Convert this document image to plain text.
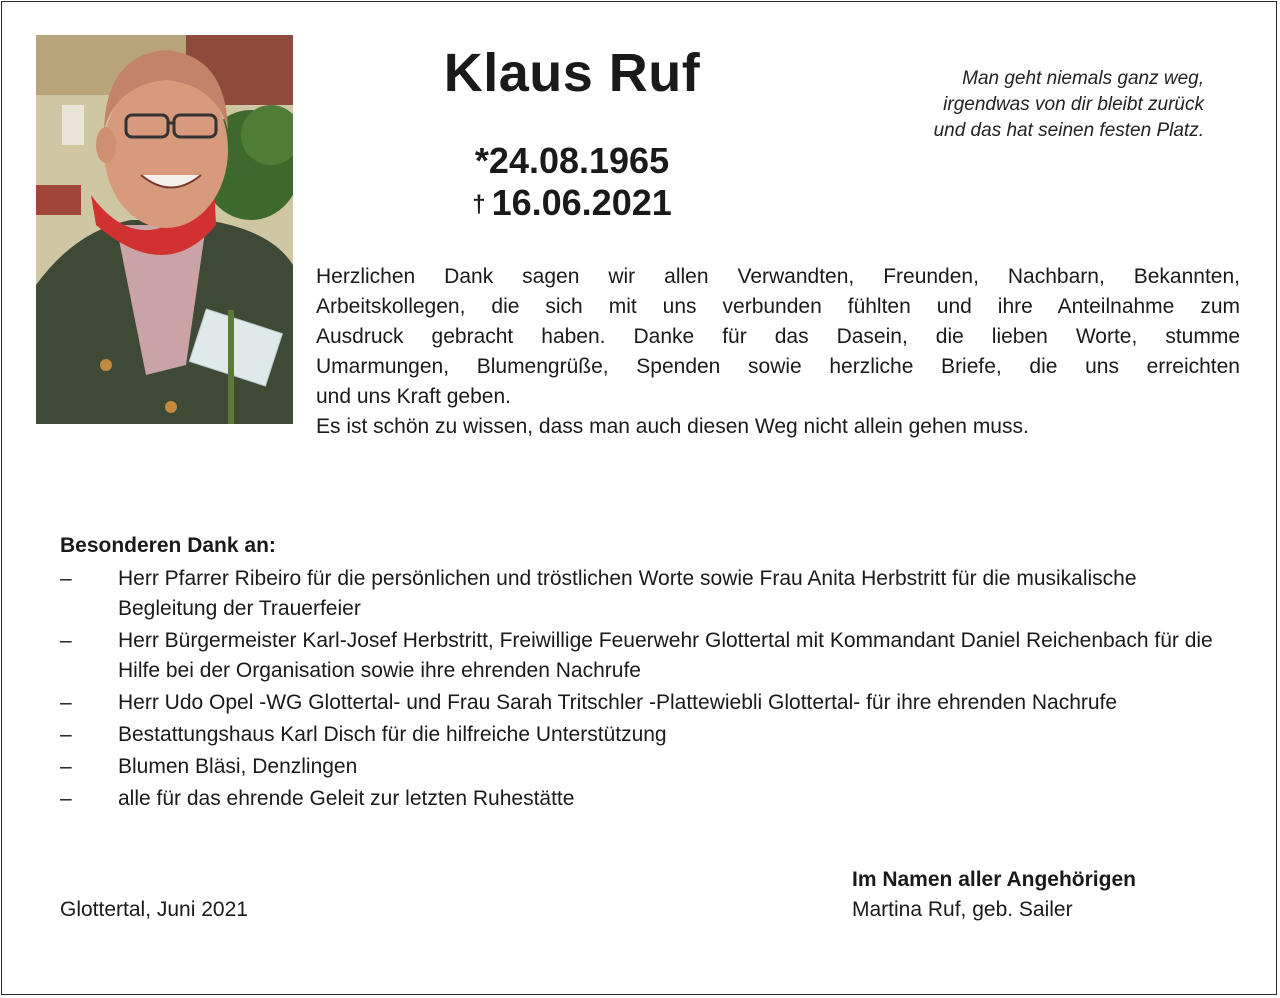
Klaus Ruf
*24.08.1965
† 16.06.2021
Man geht niemals ganz weg,
irgendwas von dir bleibt zurück
und das hat seinen festen Platz.
Herzlichen Dank sagen wir allen Verwandten, Freunden, Nachbarn, Bekannten,
Arbeitskollegen, die sich mit uns verbunden fühlten und ihre Anteilnahme zum
Ausdruck gebracht haben. Danke für das Dasein, die lieben Worte, stumme
Umarmungen, Blumengrüße, Spenden sowie herzliche Briefe, die uns erreichten
und uns Kraft geben.
Es ist schön zu wissen, dass man auch diesen Weg nicht allein gehen muss.
Besonderen Dank an:
– Herr Pfarrer Ribeiro für die persönlichen und tröstlichen Worte sowie Frau Anita Herbstritt für die musikalische Begleitung der Trauerfeier
– Herr Bürgermeister Karl-Josef Herbstritt, Freiwillige Feuerwehr Glottertal mit Kommandant Daniel Reichenbach für die Hilfe bei der Organisation sowie ihre ehrenden Nachrufe
– Herr Udo Opel -WG Glottertal- und Frau Sarah Tritschler -Plattewiebli Glottertal- für ihre ehrenden Nachrufe
– Bestattungshaus Karl Disch für die hilfreiche Unterstützung
– Blumen Bläsi, Denzlingen
– alle für das ehrende Geleit zur letzten Ruhestätte
Glottertal, Juni 2021
Im Namen aller Angehörigen
Martina Ruf, geb. Sailer
